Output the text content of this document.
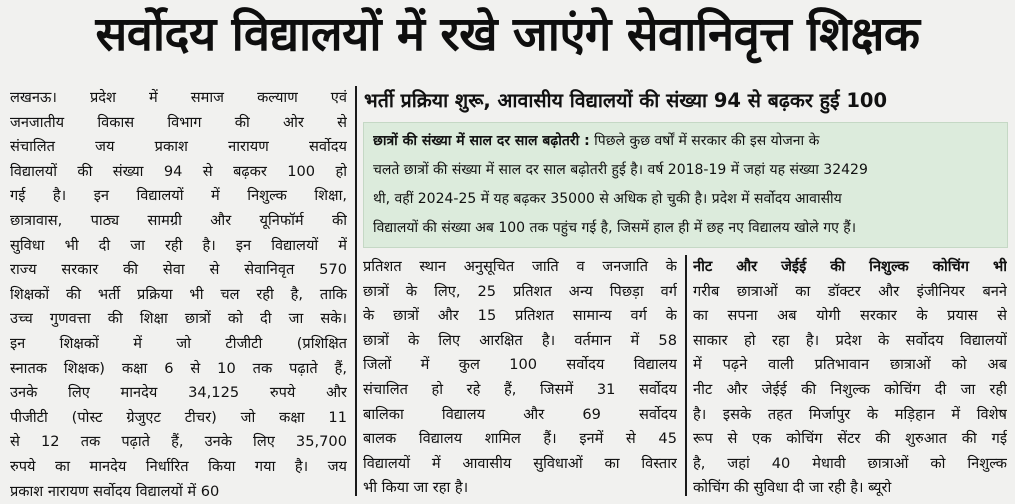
सर्वोदय विद्यालयों में रखे जाएंगे सेवानिवृत्त शिक्षक
लखनऊ। प्रदेश में समाज कल्याण एवं
जनजातीय विकास विभाग की ओर से
संचालित जय प्रकाश नारायण सर्वोदय
विद्यालयों की संख्या 94 से बढ़कर 100 हो
गई है। इन विद्यालयों में निशुल्क शिक्षा,
छात्रावास, पाठ्य सामग्री और यूनिफॉर्म की
सुविधा भी दी जा रही है। इन विद्यालयों में
राज्य सरकार की सेवा से सेवानिवृत 570
शिक्षकों की भर्ती प्रक्रिया भी चल रही है, ताकि
उच्च गुणवत्ता की शिक्षा छात्रों को दी जा सके।
इन शिक्षकों में जो टीजीटी (प्रशिक्षित
स्नातक शिक्षक) कक्षा 6 से 10 तक पढ़ाते हैं,
उनके लिए मानदेय 34,125 रुपये और
पीजीटी (पोस्ट ग्रेजुएट टीचर) जो कक्षा 11
से 12 तक पढ़ाते हैं, उनके लिए 35,700
रुपये का मानदेय निर्धारित किया गया है। जय
प्रकाश नारायण सर्वोदय विद्यालयों में 60
भर्ती प्रक्रिया शुरू, आवासीय विद्यालयों की संख्या 94 से बढ़कर हुई 100
छात्रों की संख्या में साल दर साल बढ़ोतरी : पिछले कुछ वर्षों में सरकार की इस योजना के
चलते छात्रों की संख्या में साल दर साल बढ़ोतरी हुई है। वर्ष 2018-19 में जहां यह संख्या 32429
थी, वहीं 2024-25 में यह बढ़कर 35000 से अधिक हो चुकी है। प्रदेश में सर्वोदय आवासीय
विद्यालयों की संख्या अब 100 तक पहुंच गई है, जिसमें हाल ही में छह नए विद्यालय खोले गए हैं।
प्रतिशत स्थान अनुसूचित जाति व जनजाति के
छात्रों के लिए, 25 प्रतिशत अन्य पिछड़ा वर्ग
के छात्रों और 15 प्रतिशत सामान्य वर्ग के
छात्रों के लिए आरक्षित है। वर्तमान में 58
जिलों में कुल 100 सर्वोदय विद्यालय
संचालित हो रहे हैं, जिसमें 31 सर्वोदय
बालिका विद्यालय और 69 सर्वोदय
बालक विद्यालय शामिल हैं। इनमें से 45
विद्यालयों में आवासीय सुविधाओं का विस्तार
भी किया जा रहा है।
नीट और जेईई की निशुल्क कोचिंग भी
गरीब छात्राओं का डॉक्टर और इंजीनियर बनने
का सपना अब योगी सरकार के प्रयास से
साकार हो रहा है। प्रदेश के सर्वोदय विद्यालयों
में पढ़ने वाली प्रतिभावान छात्राओं को अब
नीट और जेईई की निशुल्क कोचिंग दी जा रही
है। इसके तहत मिर्जापुर के मड़िहान में विशेष
रूप से एक कोचिंग सेंटर की शुरुआत की गई
है, जहां 40 मेधावी छात्राओं को निशुल्क
कोचिंग की सुविधा दी जा रही है। ब्यूरो
